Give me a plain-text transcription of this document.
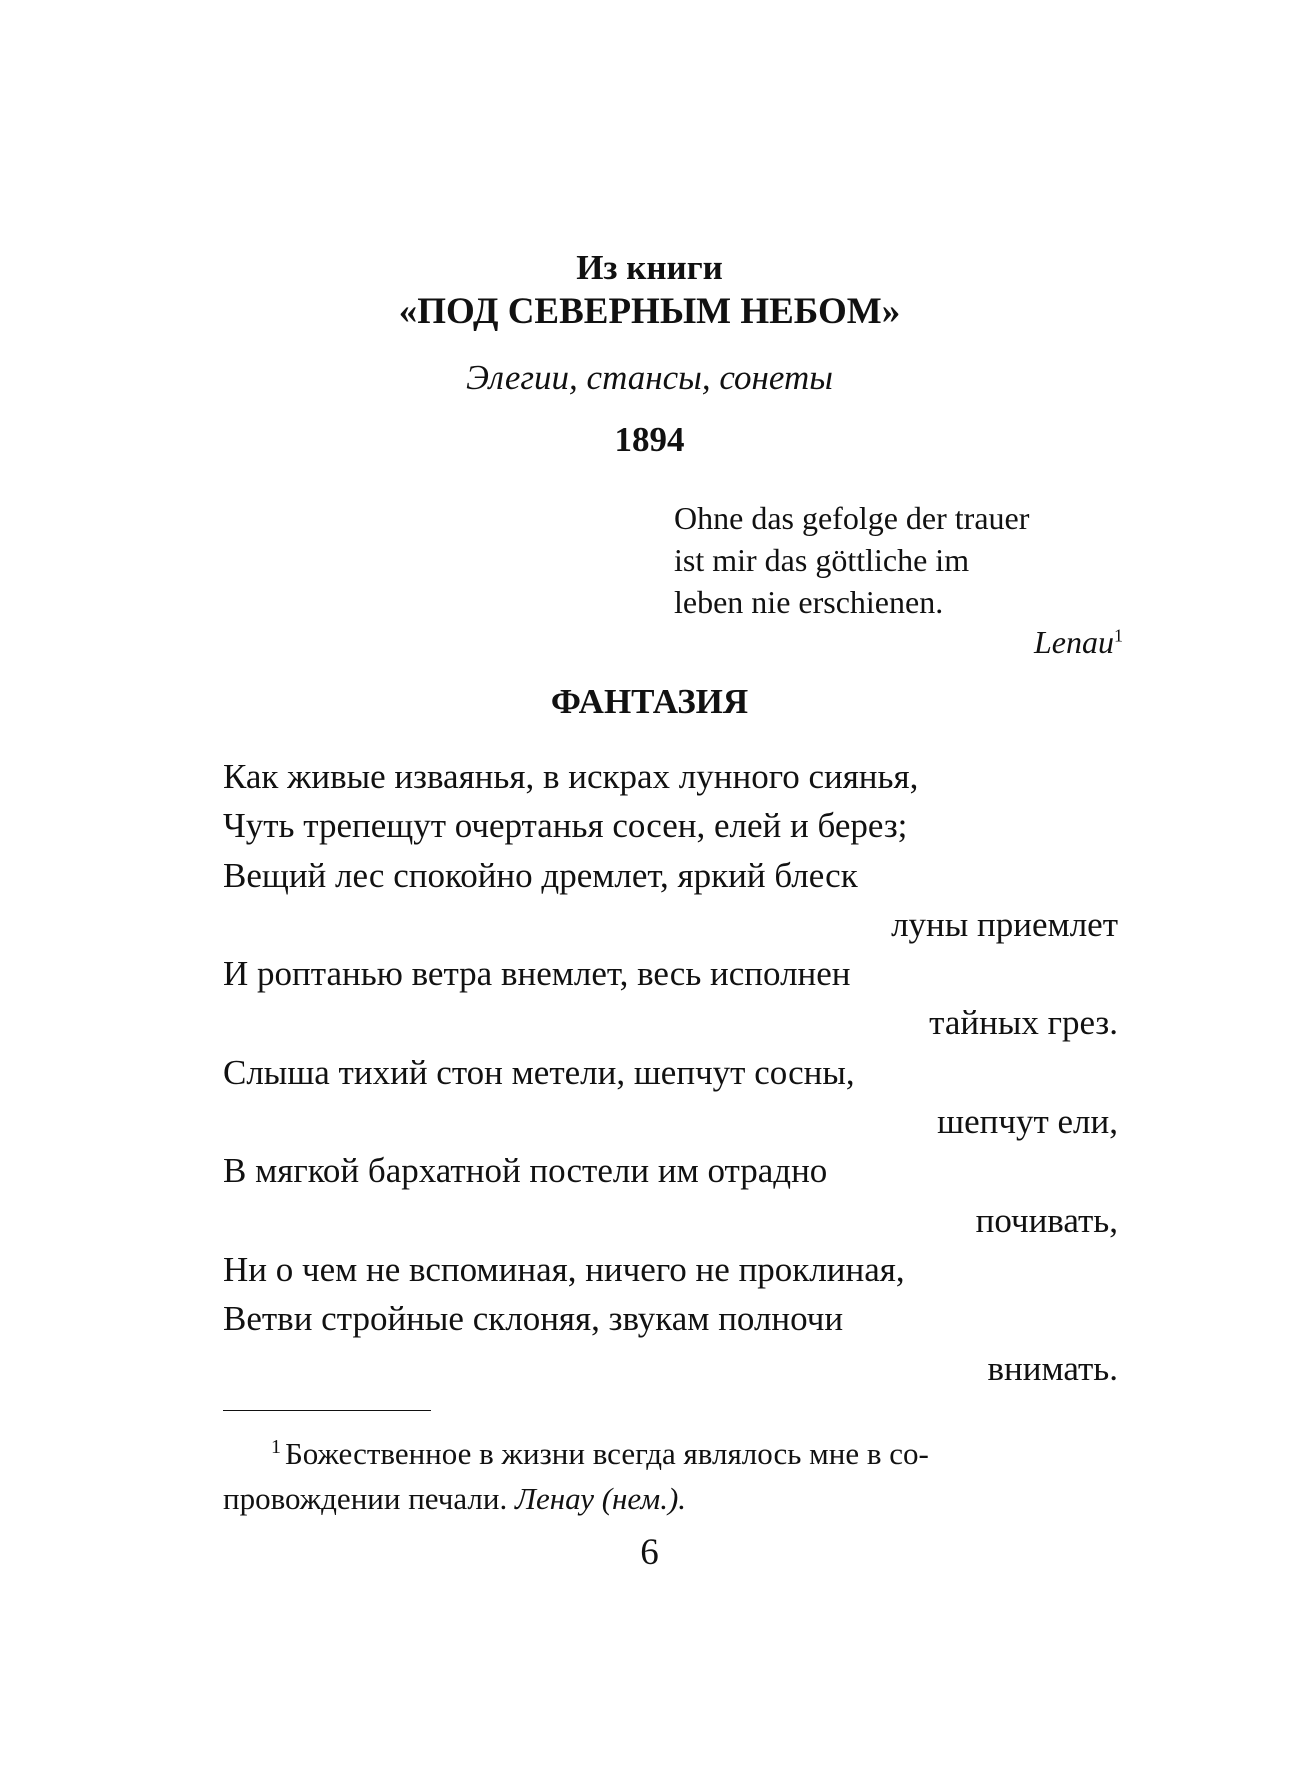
Из книги
«ПОД СЕВЕРНЫМ НЕБОМ»
Элегии, стансы, сонеты
1894
Ohne das gefolge der trauer
ist mir das göttliche im
leben nie erschienen.
Lenau$^1$
ФАНТАЗИЯ
Как живые изваянья, в искрах лунного сиянья,
Чуть трепещут очертанья сосен, елей и берез;
Вещий лес спокойно дремлет, яркий блеск
луны приемлет
И роптанью ветра внемлет, весь исполнен
тайных грез.
Слыша тихий стон метели, шепчут сосны,
шепчут ели,
В мягкой бархатной постели им отрадно
почивать,
Ни о чем не вспоминая, ничего не проклиная,
Ветви стройные склоняя, звукам полночи
внимать.
$^1$ Божественное в жизни всегда являлось мне в со-
провождении печали. Ленау (нем.).
6
